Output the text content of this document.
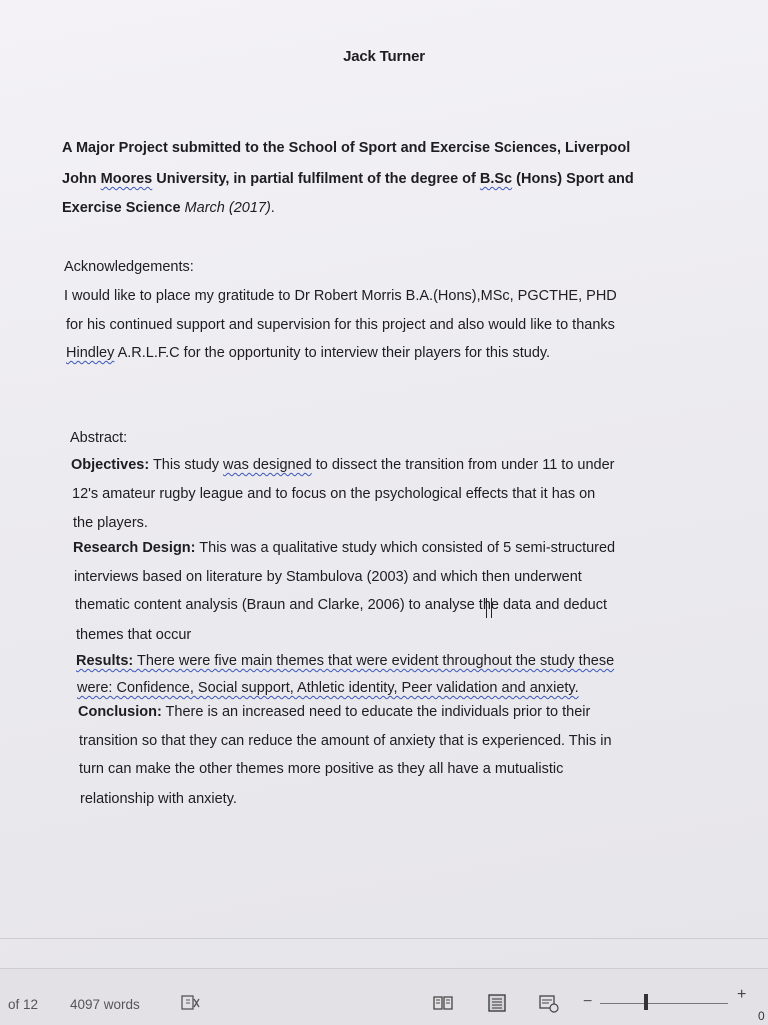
Jack Turner
A Major Project submitted to the School of Sport and Exercise Sciences, Liverpool
John Moores University, in partial fulfilment of the degree of B.Sc (Hons) Sport and
Exercise Science March (2017).
Acknowledgements:
I would like to place my gratitude to Dr Robert Morris B.A.(Hons),MSc, PGCTHE, PHD
for his continued support and supervision for this project and also would like to thanks
Hindley A.R.L.F.C for the opportunity to interview their players for this study.
Abstract:
Objectives: This study was designed to dissect the transition from under 11 to under
12's amateur rugby league and to focus on the psychological effects that it has on
the players.
Research Design: This was a qualitative study which consisted of 5 semi-structured
interviews based on literature by Stambulova (2003) and which then underwent
thematic content analysis (Braun and Clarke, 2006) to analyse the data and deduct
themes that occur
Results: There were five main themes that were evident throughout the study these
were: Confidence, Social support, Athletic identity, Peer validation and anxiety.
Conclusion: There is an increased need to educate the individuals prior to their
transition so that they can reduce the amount of anxiety that is experienced. This in
turn can make the other themes more positive as they all have a mutualistic
relationship with anxiety.
of 12 4097 words	−	+
0
